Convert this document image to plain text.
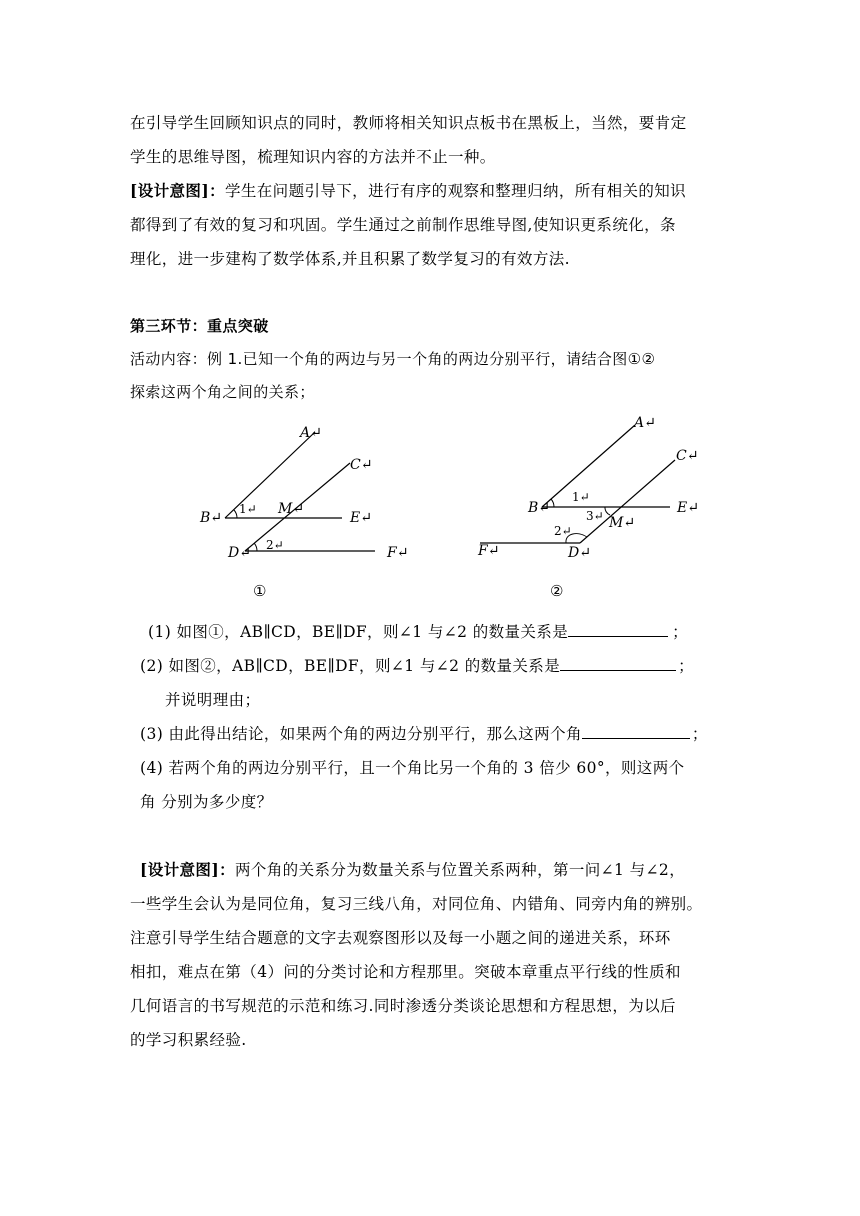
在引导学生回顾知识点的同时，教师将相关知识点板书在黑板上，当然，要肯定
学生的思维导图，梳理知识内容的方法并不止一种。
[设计意图]：学生在问题引导下，进行有序的观察和整理归纳，所有相关的知识
都得到了有效的复习和巩固。学生通过之前制作思维导图,使知识更系统化，条
理化，进一步建构了数学体系,并且积累了数学复习的有效方法.
第三环节：重点突破
活动内容：例 1.已知一个角的两边与另一个角的两边分别平行，请结合图①②
探索这两个角之间的关系；
A↵
C↵
B↵
1↵ M↵
E↵
D↵ 2↵	F↵
①
A↵
C↵
B↵
1↵
E↵
3↵ M↵
2↵
F↵	D↵
②
(1) 如图①，AB∥CD，BE∥DF，则∠1 与∠2 的数量关系是	；
(2) 如图②，AB∥CD，BE∥DF，则∠1 与∠2 的数量关系是	；
并说明理由；
(3) 由此得出结论，如果两个角的两边分别平行，那么这两个角	；
(4) 若两个角的两边分别平行，且一个角比另一个角的 3 倍少 60°，则这两个
角 分别为多少度？
[设计意图]：两个角的关系分为数量关系与位置关系两种，第一问∠1 与∠2，
一些学生会认为是同位角，复习三线八角，对同位角、内错角、同旁内角的辨别。
注意引导学生结合题意的文字去观察图形以及每一小题之间的递进关系，环环
相扣，难点在第（4）问的分类讨论和方程那里。突破本章重点平行线的性质和
几何语言的书写规范的示范和练习.同时渗透分类谈论思想和方程思想，为以后
的学习积累经验.
